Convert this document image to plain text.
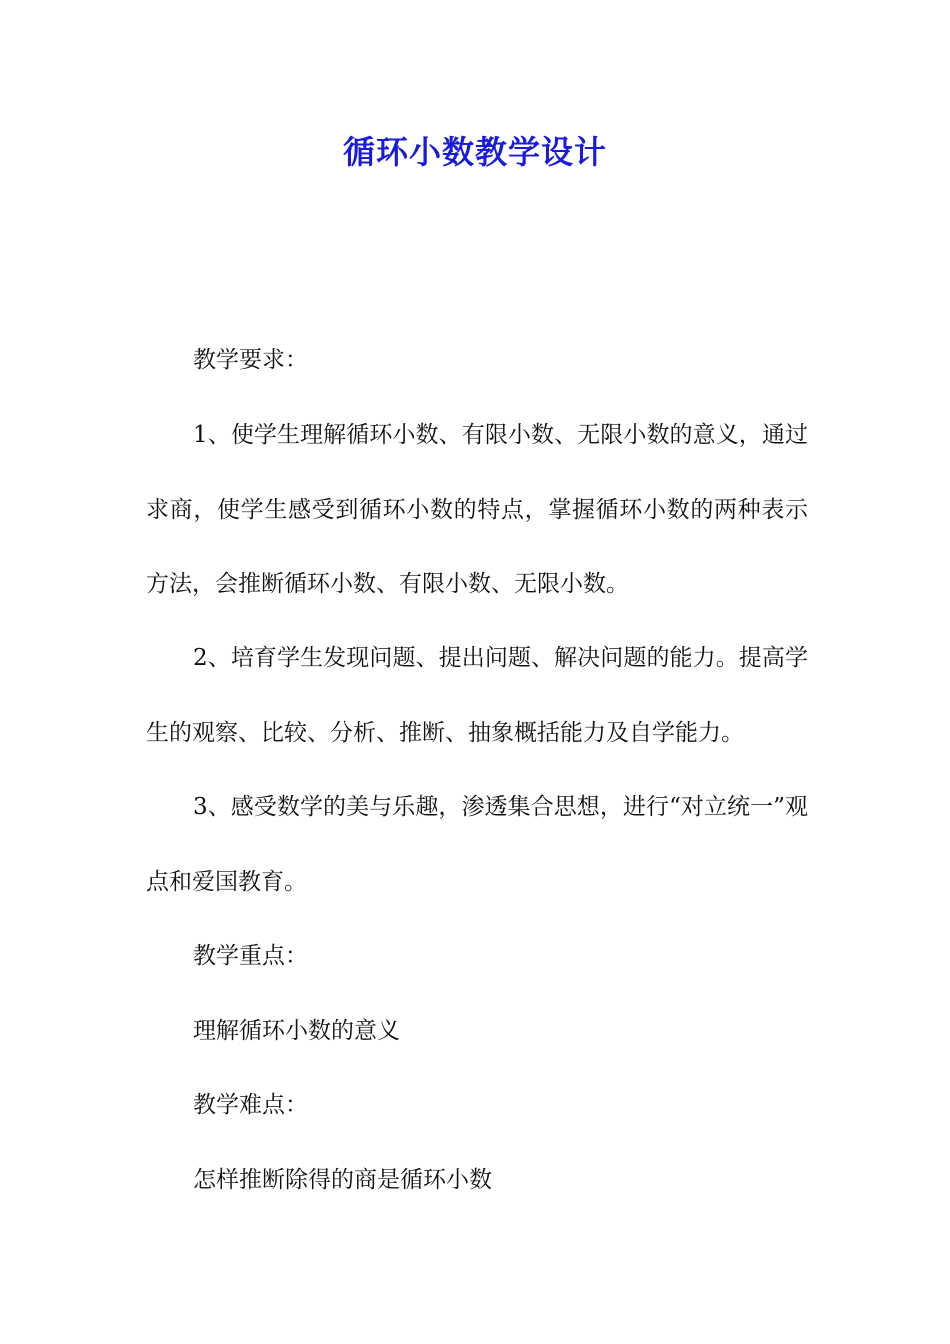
循环小数教学设计

教学要求：

1、使学生理解循环小数、有限小数、无限小数的意义，通过求商，使学生感受到循环小数的特点，掌握循环小数的两种表示方法，会推断循环小数、有限小数、无限小数。

2、培育学生发现问题、提出问题、解决问题的能力。提高学生的观察、比较、分析、推断、抽象概括能力及自学能力。

3、感受数学的美与乐趣，渗透集合思想，进行“对立统一”观点和爱国教育。

教学重点：

理解循环小数的意义

教学难点：

怎样推断除得的商是循环小数
